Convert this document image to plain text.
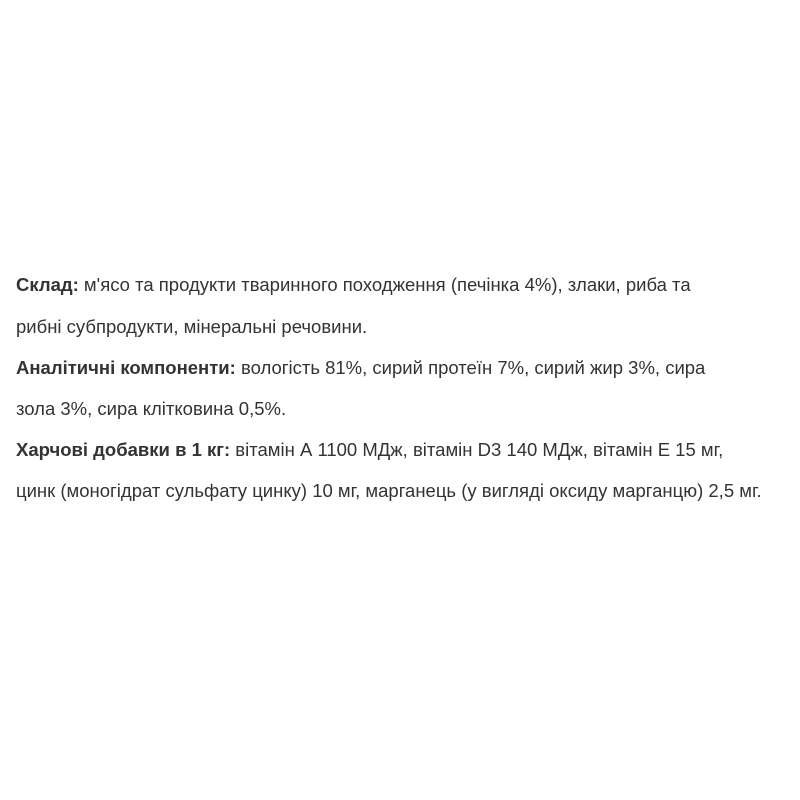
Склад: м'ясо та продукти тваринного походження (печінка 4%), злаки, риба та
рибні субпродукти, мінеральні речовини.
Аналітичні компоненти: вологість 81%, сирий протеїн 7%, сирий жир 3%, сира
зола 3%, сира клітковина 0,5%.
Харчові добавки в 1 кг: вітамін А 1100 МДж, вітамін D3 140 МДж, вітамін Е 15 мг,
цинк (моногідрат сульфату цинку) 10 мг, марганець (у вигляді оксиду марганцю) 2,5 мг.
